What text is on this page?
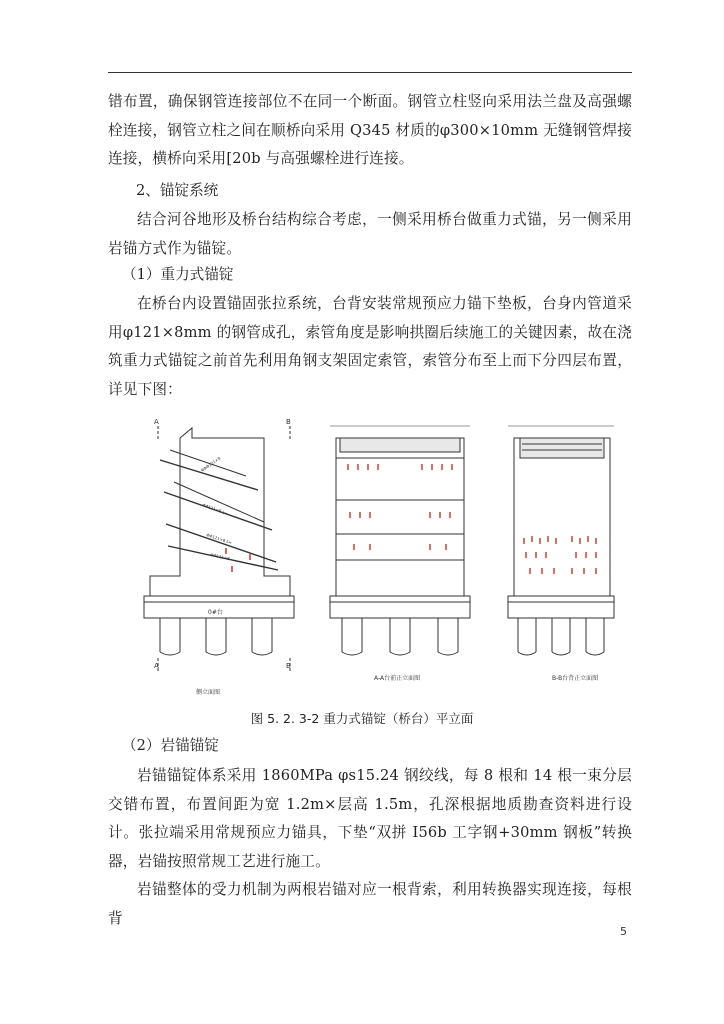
错布置，确保钢管连接部位不在同一个断面。钢管立柱竖向采用法兰盘及高强螺栓连接，钢管立柱之间在顺桥向采用 Q345 材质的φ300×10mm 无缝钢管焊接连接，横桥向采用[20b 与高强螺栓进行连接。
2、锚锭系统
结合河谷地形及桥台结构综合考虑，一侧采用桥台做重力式锚，另一侧采用岩锚方式作为锚锭。
（1）重力式锚锭
在桥台内设置锚固张拉系统，台背安装常规预应力锚下垫板，台身内管道采用φ121×8mm 的钢管成孔，索管角度是影响拱圈后续施工的关键因素，故在浇筑重力式锚锭之前首先利用角钢支架固定索管，索管分布至上而下分四层布置，详见下图：
A	B
A	B
ΦΦΦ121×8
ΦΦ121×8 L=
ΦΦ121×8 L=
ΦΦ121×8
0#台
侧立面图
A-A台前正立面图	B-B台背正立面图
图 5. 2. 3-2 重力式锚锭（桥台）平立面
（2）岩锚锚锭
岩锚锚锭体系采用 1860MPa φs15.24 钢绞线，每 8 根和 14 根一束分层交错布置，布置间距为宽 1.2m×层高 1.5m，孔深根据地质勘查资料进行设计。张拉端采用常规预应力锚具，下垫“双拼 I56b 工字钢+30mm 钢板”转换器，岩锚按照常规工艺进行施工。
岩锚整体的受力机制为两根岩锚对应一根背索，利用转换器实现连接，每根背
5
